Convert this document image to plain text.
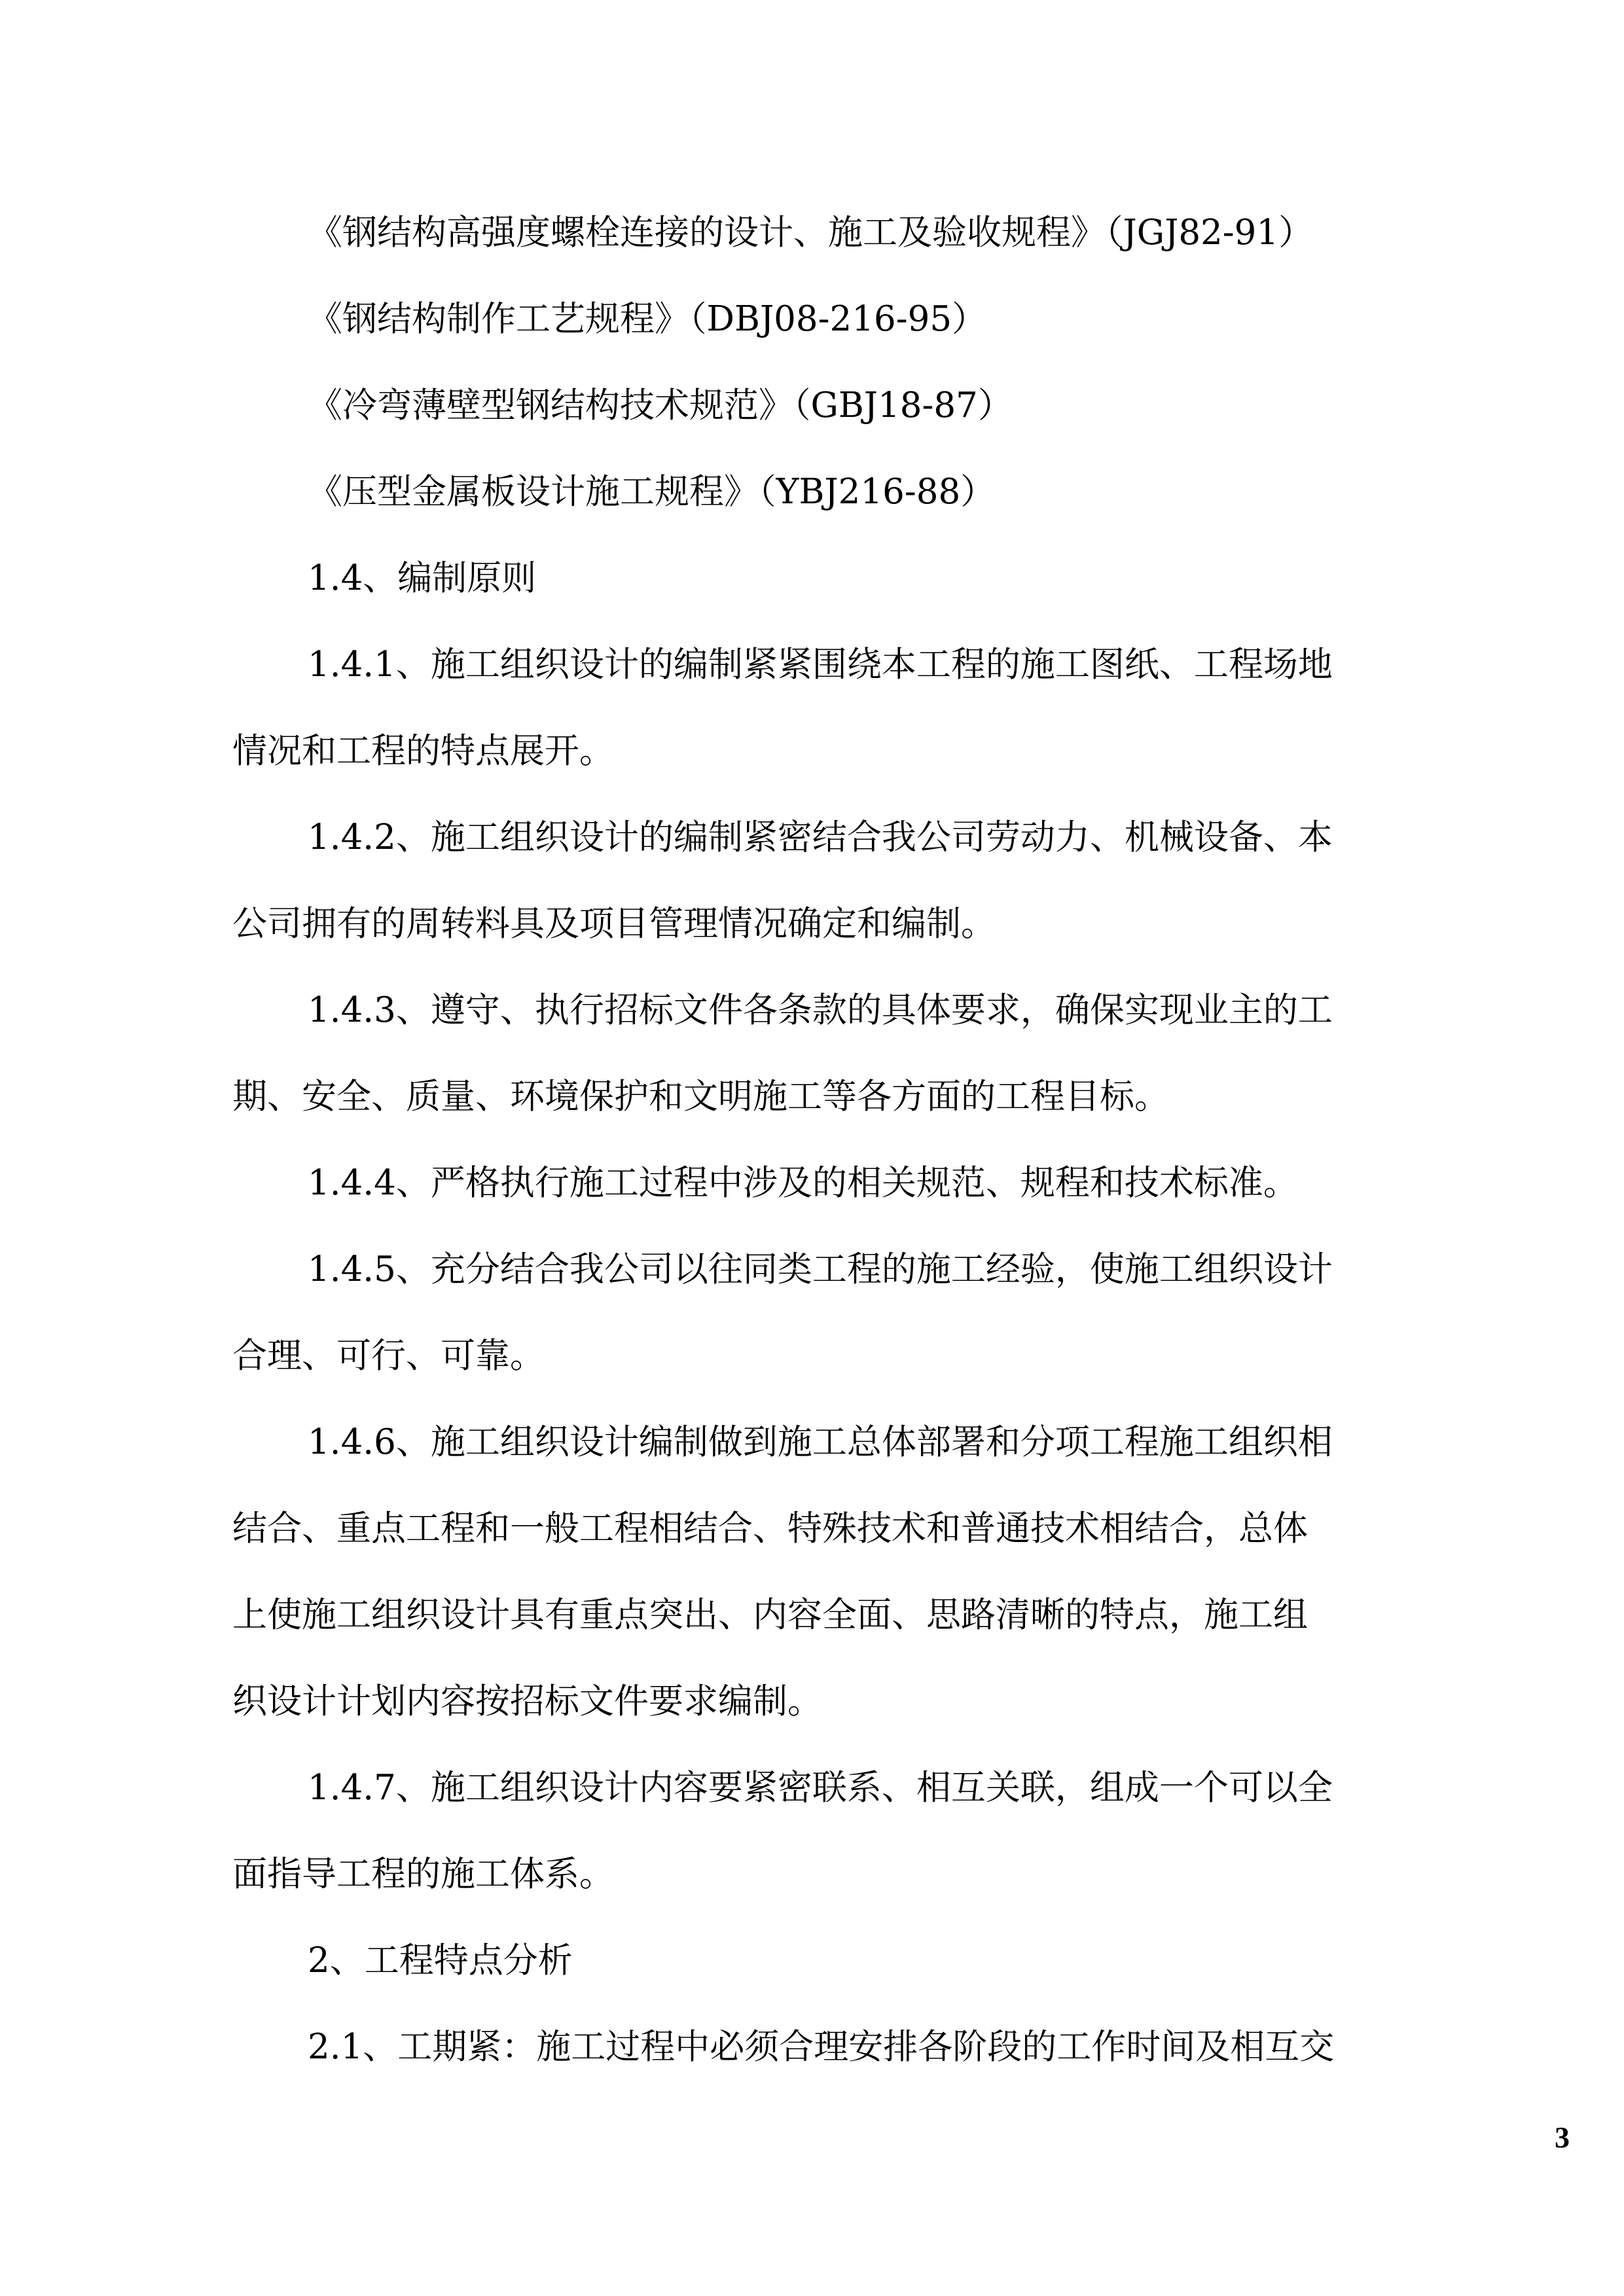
《钢结构高强度螺栓连接的设计、施工及验收规程》（JGJ82-91）
《钢结构制作工艺规程》（DBJ08-216-95）
《冷弯薄壁型钢结构技术规范》（GBJ18-87）
《压型金属板设计施工规程》（YBJ216-88）
1.4、编制原则
1.4.1、施工组织设计的编制紧紧围绕本工程的施工图纸、工程场地
情况和工程的特点展开。
1.4.2、施工组织设计的编制紧密结合我公司劳动力、机械设备、本
公司拥有的周转料具及项目管理情况确定和编制。
1.4.3、遵守、执行招标文件各条款的具体要求，确保实现业主的工
期、安全、质量、环境保护和文明施工等各方面的工程目标。
1.4.4、严格执行施工过程中涉及的相关规范、规程和技术标准。
1.4.5、充分结合我公司以往同类工程的施工经验，使施工组织设计
合理、可行、可靠。
1.4.6、施工组织设计编制做到施工总体部署和分项工程施工组织相
结合、重点工程和一般工程相结合、特殊技术和普通技术相结合，总体
上使施工组织设计具有重点突出、内容全面、思路清晰的特点，施工组
织设计计划内容按招标文件要求编制。
1.4.7、施工组织设计内容要紧密联系、相互关联，组成一个可以全
面指导工程的施工体系。
2、工程特点分析
2.1、工期紧：施工过程中必须合理安排各阶段的工作时间及相互交
3
